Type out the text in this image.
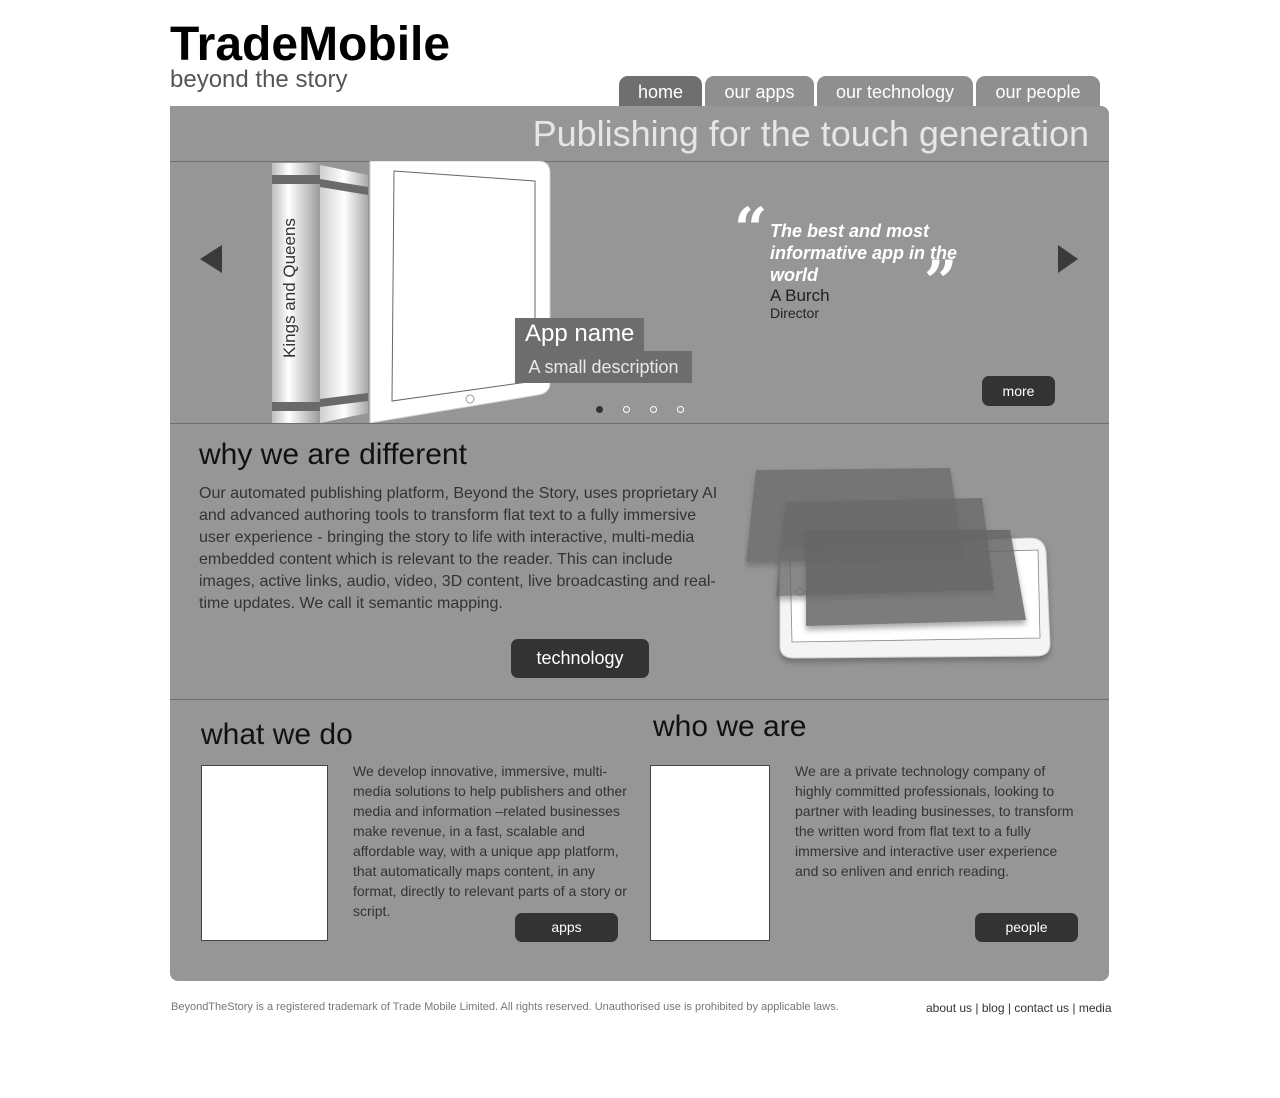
TradeMobile
beyond the story	home	our apps	our technology	our people
Publishing for the touch generation
Kings and Queens	App name
A small description
“ The best and most informative app in the world	”
A Burch
Director
more
why we are different
Our automated publishing platform, Beyond the Story, uses proprietary AI and advanced authoring tools to transform flat text to a fully immersive user experience - bringing the story to life with interactive, multi-media embedded content which is relevant to the reader. This can include images, active links, audio, video, 3D content, live broadcasting and real-time updates. We call it semantic mapping.
technology
what we do
We develop innovative, immersive, multi-media solutions to help publishers and other media and information –related businesses make revenue, in a fast, scalable and affordable way, with a unique app platform, that automatically maps content, in any format, directly to relevant parts of a story or script.
apps
who we are
We are a private technology company of highly committed professionals, looking to partner with leading businesses, to transform the written word from flat text to a fully immersive and interactive user experience and so enliven and enrich reading.
people
BeyondTheStory is a registered trademark of Trade Mobile Limited. All rights reserved. Unauthorised use is prohibited by applicable laws.	about us | blog | contact us | media
